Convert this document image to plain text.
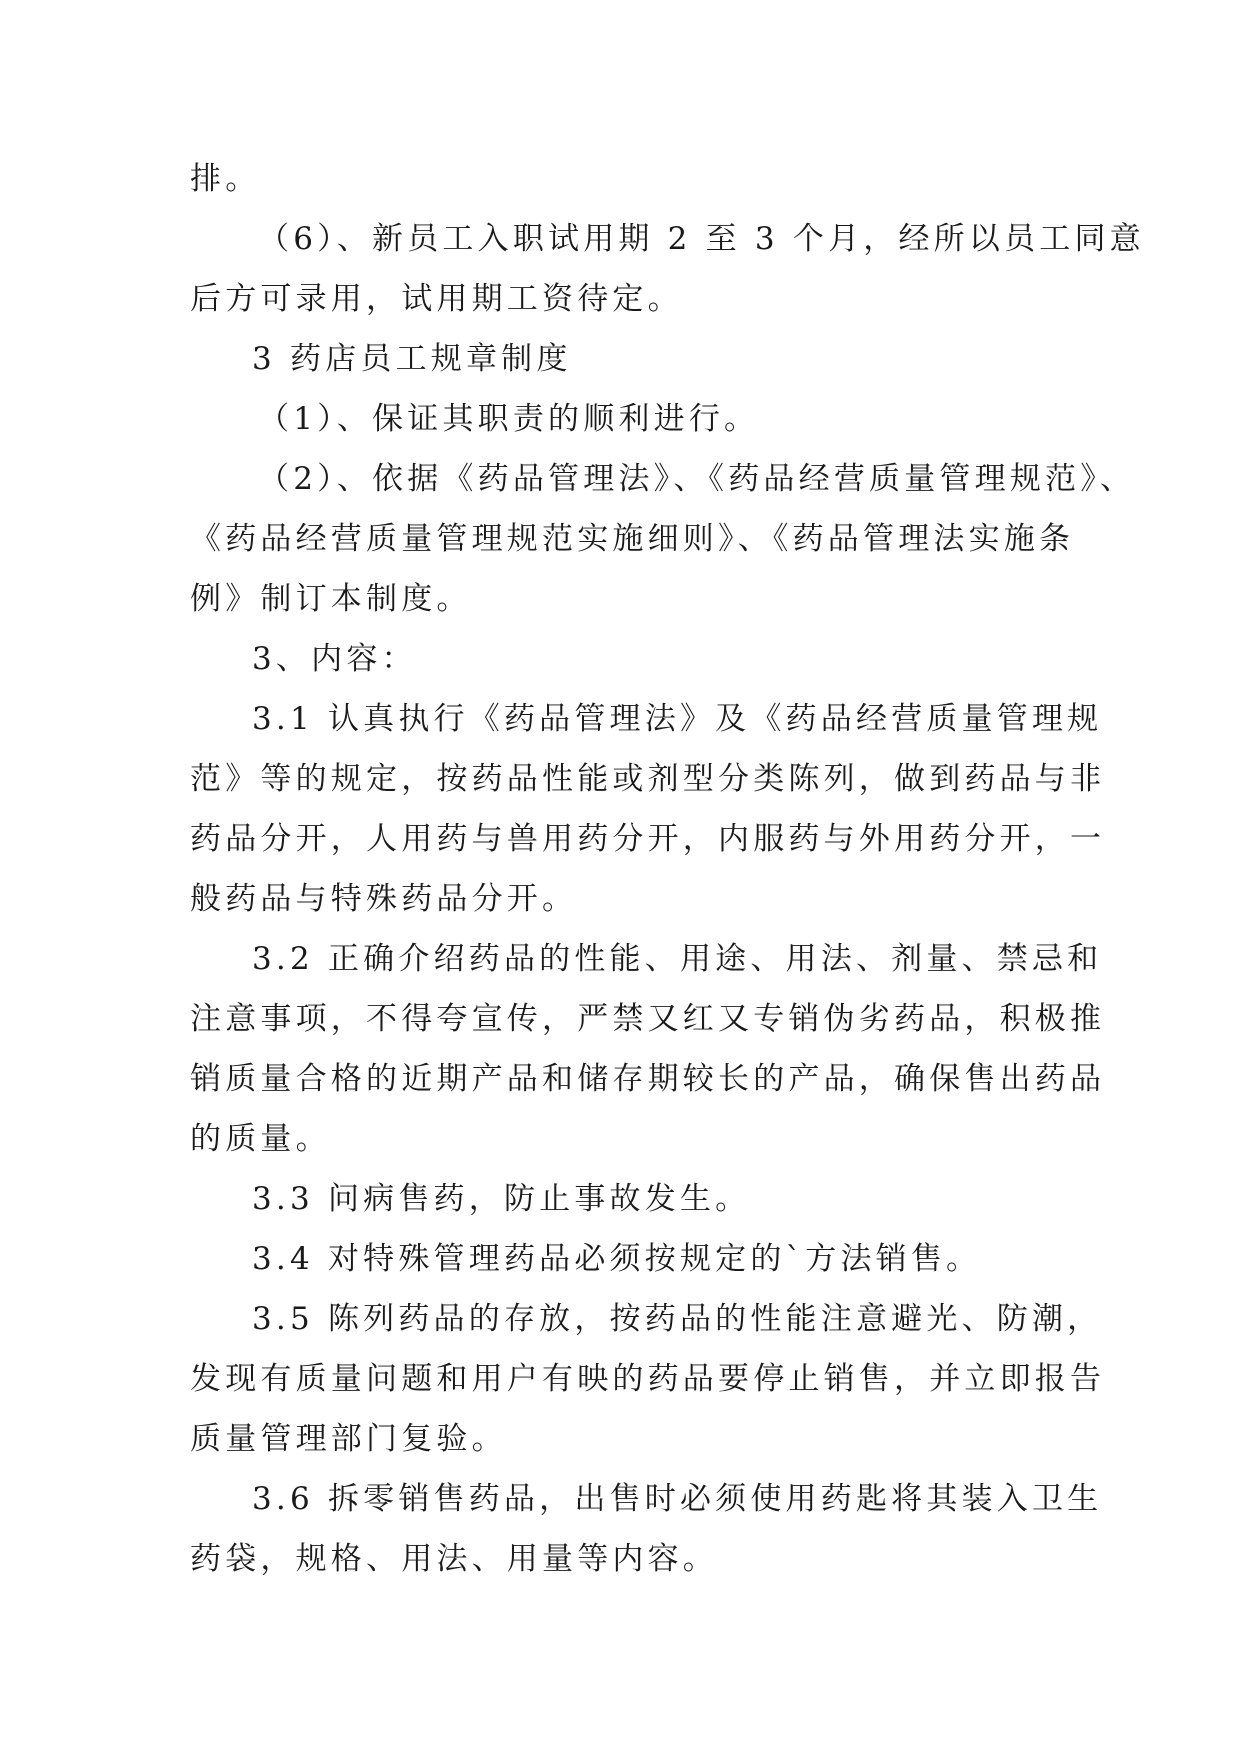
排。
（6）、新员工入职试用期 2 至 3 个月，经所以员工同意
后方可录用，试用期工资待定。
3 药店员工规章制度
（1）、保证其职责的顺利进行。
（2）、依据《药品管理法》、《药品经营质量管理规范》、
《药品经营质量管理规范实施细则》、《药品管理法实施条
例》制订本制度。
3、内容：
3.1 认真执行《药品管理法》及《药品经营质量管理规
范》等的规定，按药品性能或剂型分类陈列，做到药品与非
药品分开，人用药与兽用药分开，内服药与外用药分开，一
般药品与特殊药品分开。
3.2 正确介绍药品的性能、用途、用法、剂量、禁忌和
注意事项，不得夸宣传，严禁又红又专销伪劣药品，积极推
销质量合格的近期产品和储存期较长的产品，确保售出药品
的质量。
3.3 问病售药，防止事故发生。
3.4 对特殊管理药品必须按规定的`方法销售。
3.5 陈列药品的存放，按药品的性能注意避光、防潮，
发现有质量问题和用户有映的药品要停止销售，并立即报告
质量管理部门复验。
3.6 拆零销售药品，出售时必须使用药匙将其装入卫生
药袋，规格、用法、用量等内容。
